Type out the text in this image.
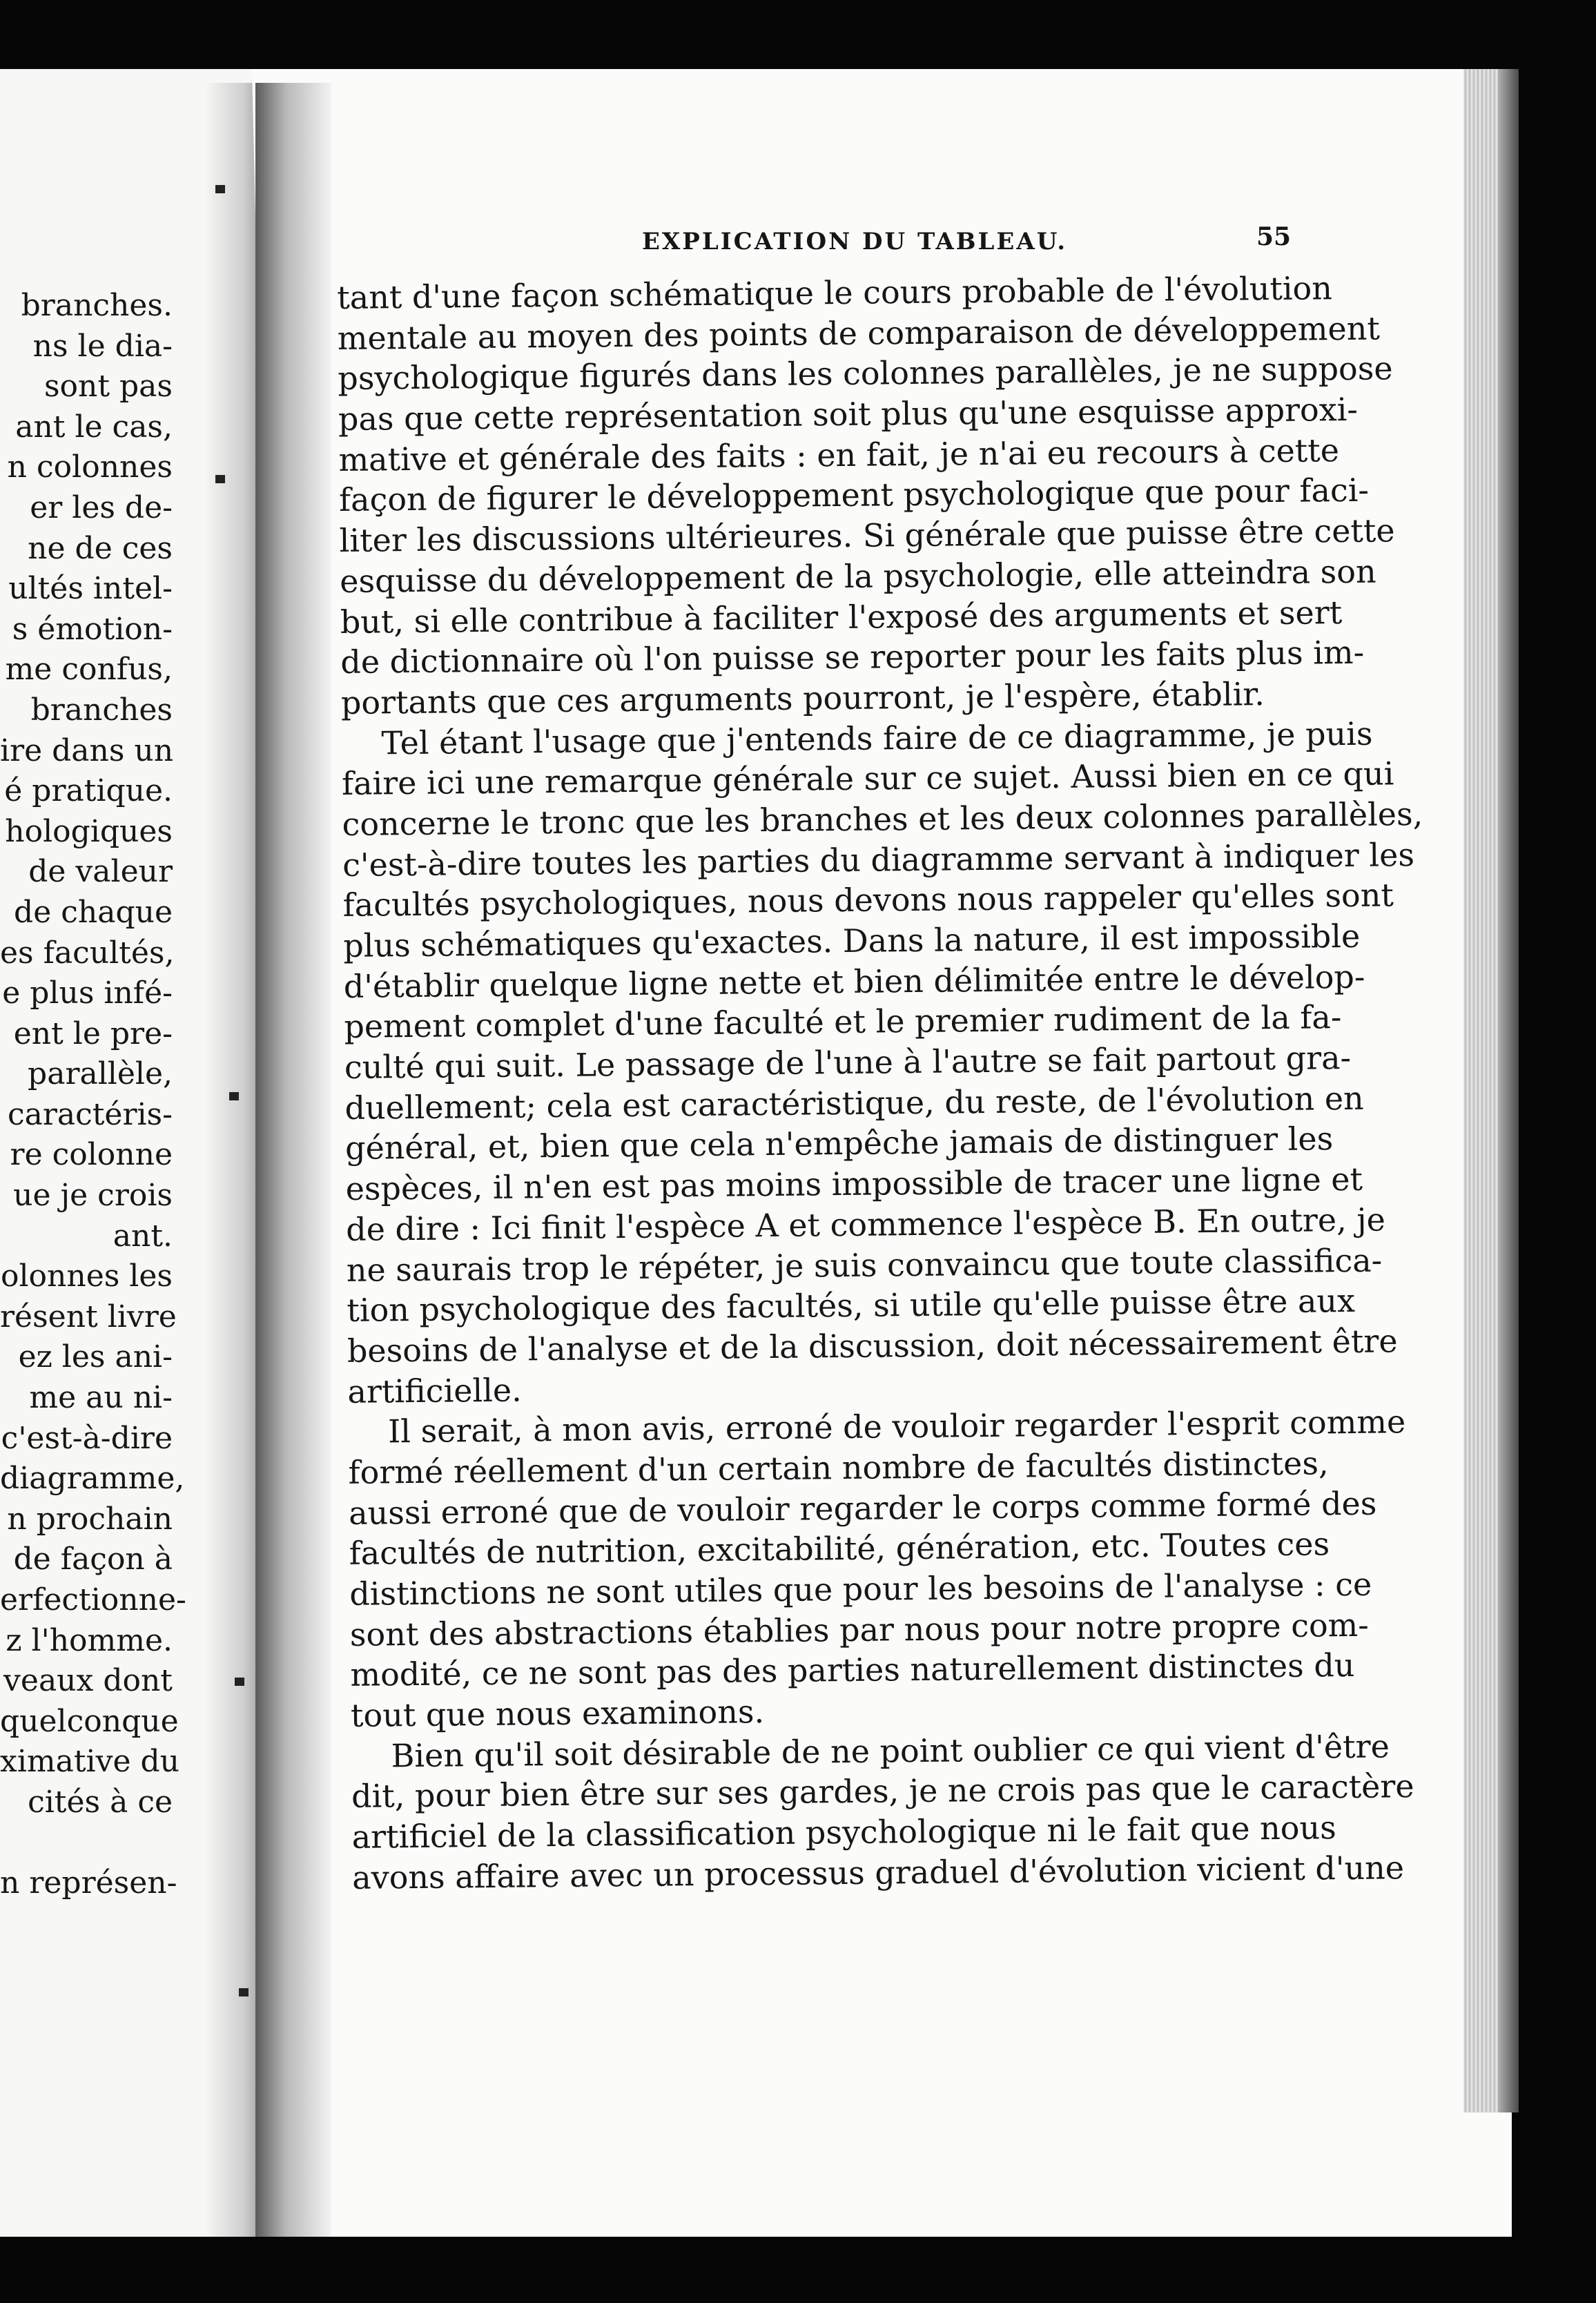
branches.
ns le dia-
sont pas
ant le cas,
n colonnes
er les de-
ne de ces
ultés intel-
s émotion-
me confus,
branches
ire dans un
é pratique.
hologiques
de valeur
de chaque
es facultés,
e plus infé-
ent le pre-
parallèle,
caractéris-
re colonne
ue je crois
ant.
olonnes les
résent livre
ez les ani-
me au ni-
c'est-à-dire
diagramme,
n prochain
de façon à
erfectionne-
z l'homme.
veaux dont
quelconque
ximative du
cités à ce
n représen-
EXPLICATION DU TABLEAU.	55
tant d'une façon schématique le cours probable de l'évolution
mentale au moyen des points de comparaison de développement
psychologique figurés dans les colonnes parallèles, je ne suppose
pas que cette représentation soit plus qu'une esquisse approxi-
mative et générale des faits : en fait, je n'ai eu recours à cette
façon de figurer le développement psychologique que pour faci-
liter les discussions ultérieures. Si générale que puisse être cette
esquisse du développement de la psychologie, elle atteindra son
but, si elle contribue à faciliter l'exposé des arguments et sert
de dictionnaire où l'on puisse se reporter pour les faits plus im-
portants que ces arguments pourront, je l'espère, établir.
Tel étant l'usage que j'entends faire de ce diagramme, je puis
faire ici une remarque générale sur ce sujet. Aussi bien en ce qui
concerne le tronc que les branches et les deux colonnes parallèles,
c'est-à-dire toutes les parties du diagramme servant à indiquer les
facultés psychologiques, nous devons nous rappeler qu'elles sont
plus schématiques qu'exactes. Dans la nature, il est impossible
d'établir quelque ligne nette et bien délimitée entre le dévelop-
pement complet d'une faculté et le premier rudiment de la fa-
culté qui suit. Le passage de l'une à l'autre se fait partout gra-
duellement; cela est caractéristique, du reste, de l'évolution en
général, et, bien que cela n'empêche jamais de distinguer les
espèces, il n'en est pas moins impossible de tracer une ligne et
de dire : Ici finit l'espèce A et commence l'espèce B. En outre, je
ne saurais trop le répéter, je suis convaincu que toute classifica-
tion psychologique des facultés, si utile qu'elle puisse être aux
besoins de l'analyse et de la discussion, doit nécessairement être
artificielle.
Il serait, à mon avis, erroné de vouloir regarder l'esprit comme
formé réellement d'un certain nombre de facultés distinctes,
aussi erroné que de vouloir regarder le corps comme formé des
facultés de nutrition, excitabilité, génération, etc. Toutes ces
distinctions ne sont utiles que pour les besoins de l'analyse : ce
sont des abstractions établies par nous pour notre propre com-
modité, ce ne sont pas des parties naturellement distinctes du
tout que nous examinons.
Bien qu'il soit désirable de ne point oublier ce qui vient d'être
dit, pour bien être sur ses gardes, je ne crois pas que le caractère
artificiel de la classification psychologique ni le fait que nous
avons affaire avec un processus graduel d'évolution vicient d'une
